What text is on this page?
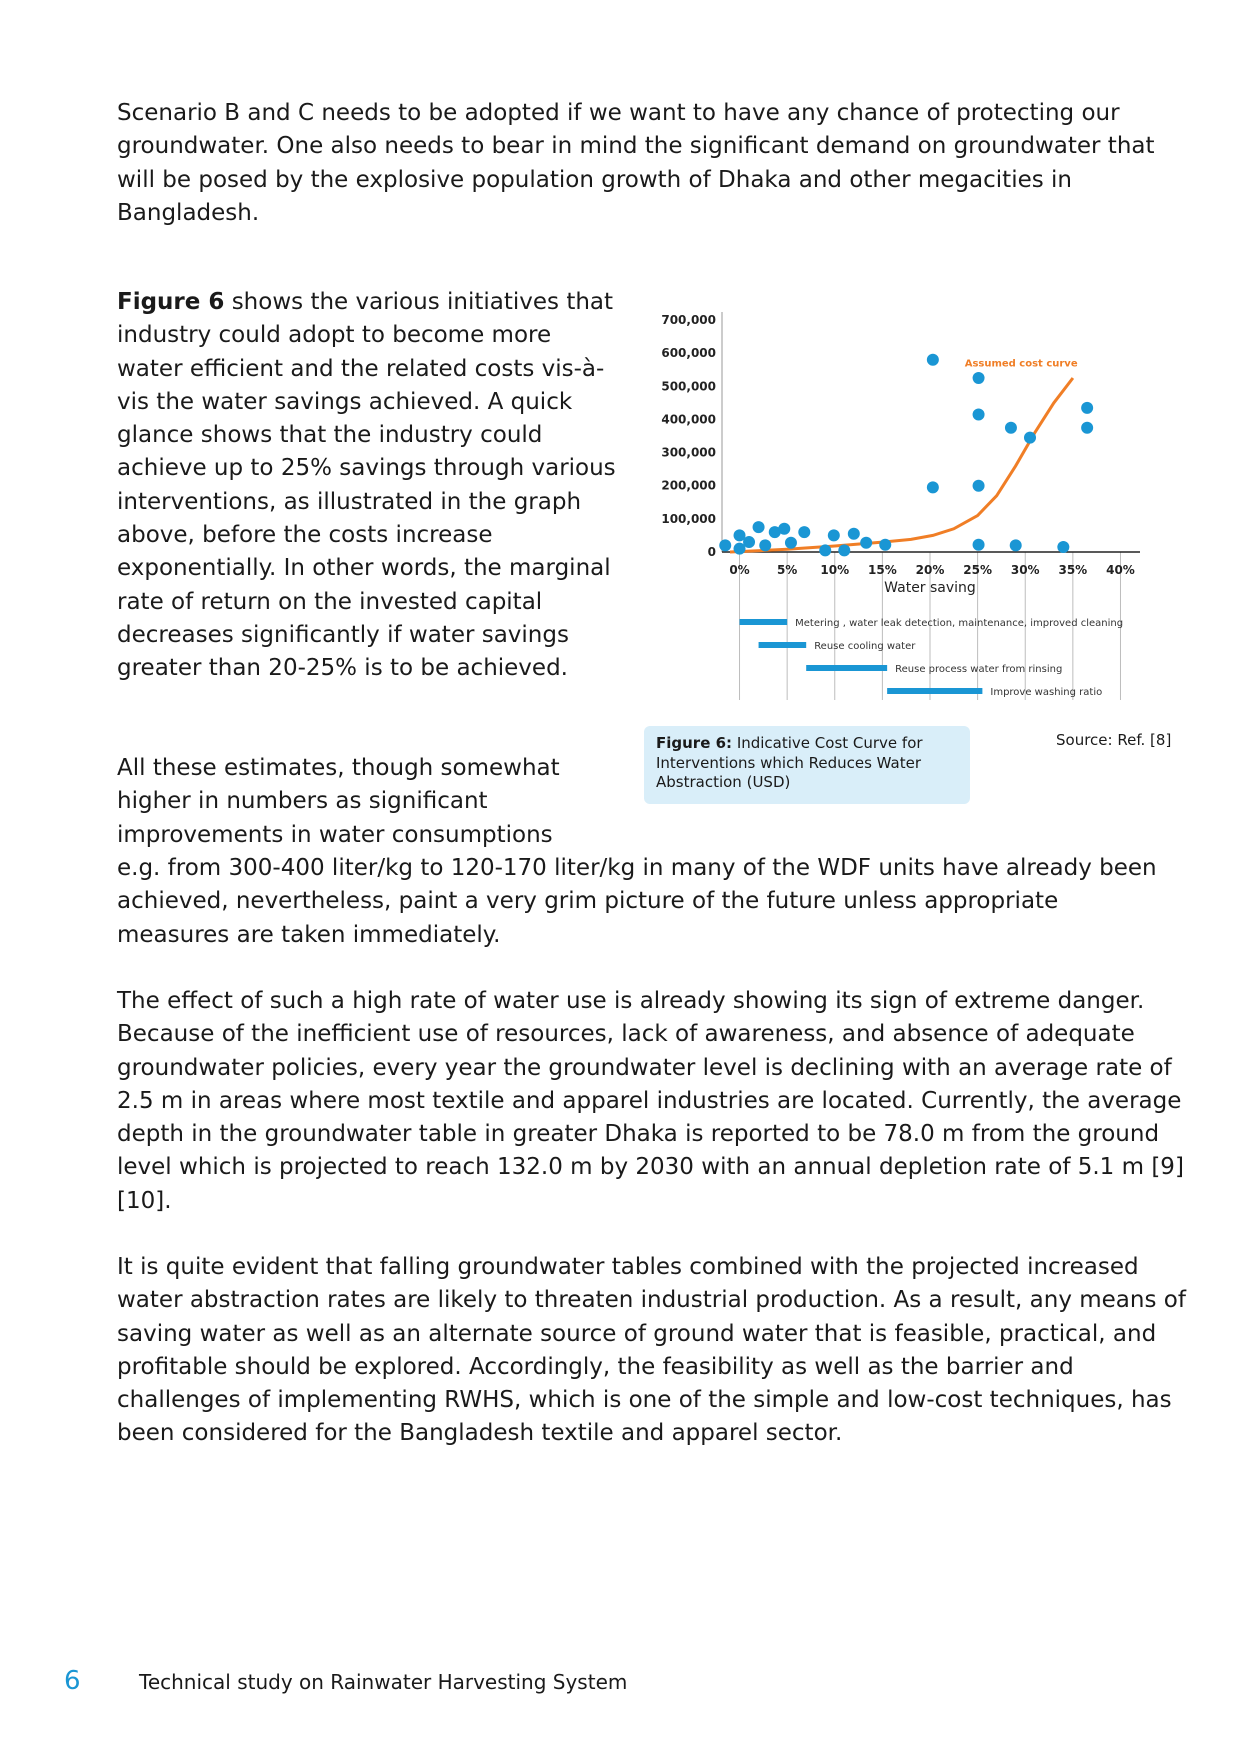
Scenario B and C needs to be adopted if we want to have any chance of protecting our groundwater. One also needs to bear in mind the significant demand on groundwater that will be posed by the explosive population growth of Dhaka and other megacities in Bangladesh.

Figure 6 shows the various initiatives that industry could adopt to become more water efficient and the related costs vis-à-vis the water savings achieved. A quick glance shows that the industry could achieve up to 25% savings through various interventions, as illustrated in the graph above, before the costs increase exponentially. In other words, the marginal rate of return on the invested capital decreases significantly if water savings greater than 20-25% is to be achieved.

0
100,000
200,000
300,000
400,000
500,000
600,000
700,000
0% 5% 10% 15% 20% 25% 30% 35% 40%
Water saving
Assumed cost curve
Metering , water leak detection, maintenance, improved cleaning
Reuse cooling water
Reuse process water from rinsing
Improve washing ratio
Figure 6: Indicative Cost Curve for Interventions which Reduces Water Abstraction (USD)
Source: Ref. [8]

All these estimates, though somewhat higher in numbers as significant improvements in water consumptions

e.g. from 300-400 liter/kg to 120-170 liter/kg in many of the WDF units have already been achieved, nevertheless, paint a very grim picture of the future unless appropriate measures are taken immediately.

The effect of such a high rate of water use is already showing its sign of extreme danger. Because of the inefficient use of resources, lack of awareness, and absence of adequate groundwater policies, every year the groundwater level is declining with an average rate of 2.5 m in areas where most textile and apparel industries are located. Currently, the average depth in the groundwater table in greater Dhaka is reported to be 78.0 m from the ground level which is projected to reach 132.0 m by 2030 with an annual depletion rate of 5.1 m [9] [10].

It is quite evident that falling groundwater tables combined with the projected increased water abstraction rates are likely to threaten industrial production. As a result, any means of saving water as well as an alternate source of ground water that is feasible, practical, and profitable should be explored. Accordingly, the feasibility as well as the barrier and challenges of implementing RWHS, which is one of the simple and low-cost techniques, has been considered for the Bangladesh textile and apparel sector.

6	Technical study on Rainwater Harvesting System
